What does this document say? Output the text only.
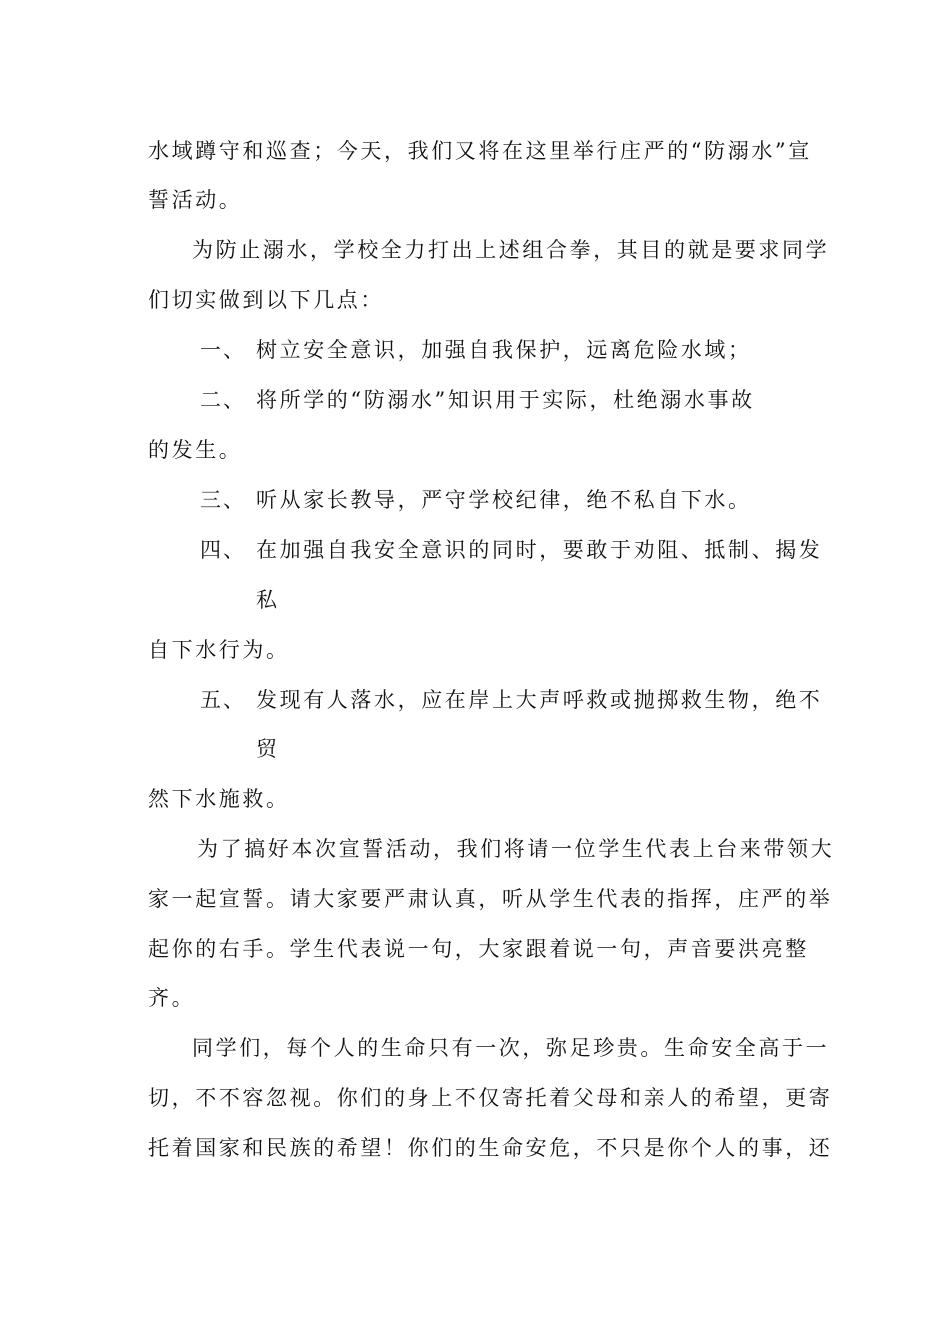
水域蹲守和巡查；今天，我们又将在这里举行庄严的“防溺水”宣
誓活动。
为防止溺水，学校全力打出上述组合拳，其目的就是要求同学
们切实做到以下几点：
一、 树立安全意识，加强自我保护，远离危险水域；
二、 将所学的“防溺水”知识用于实际，杜绝溺水事故
的发生。
三、 听从家长教导，严守学校纪律，绝不私自下水。
四、 在加强自我安全意识的同时，要敢于劝阻、抵制、揭发
私
自下水行为。
五、 发现有人落水，应在岸上大声呼救或抛掷救生物，绝不
贸
然下水施救。
为了搞好本次宣誓活动，我们将请一位学生代表上台来带领大
家一起宣誓。请大家要严肃认真，听从学生代表的指挥，庄严的举
起你的右手。学生代表说一句，大家跟着说一句，声音要洪亮整
齐。
同学们，每个人的生命只有一次，弥足珍贵。生命安全高于一
切，不不容忽视。你们的身上不仅寄托着父母和亲人的希望，更寄
托着国家和民族的希望！你们的生命安危，不只是你个人的事，还
